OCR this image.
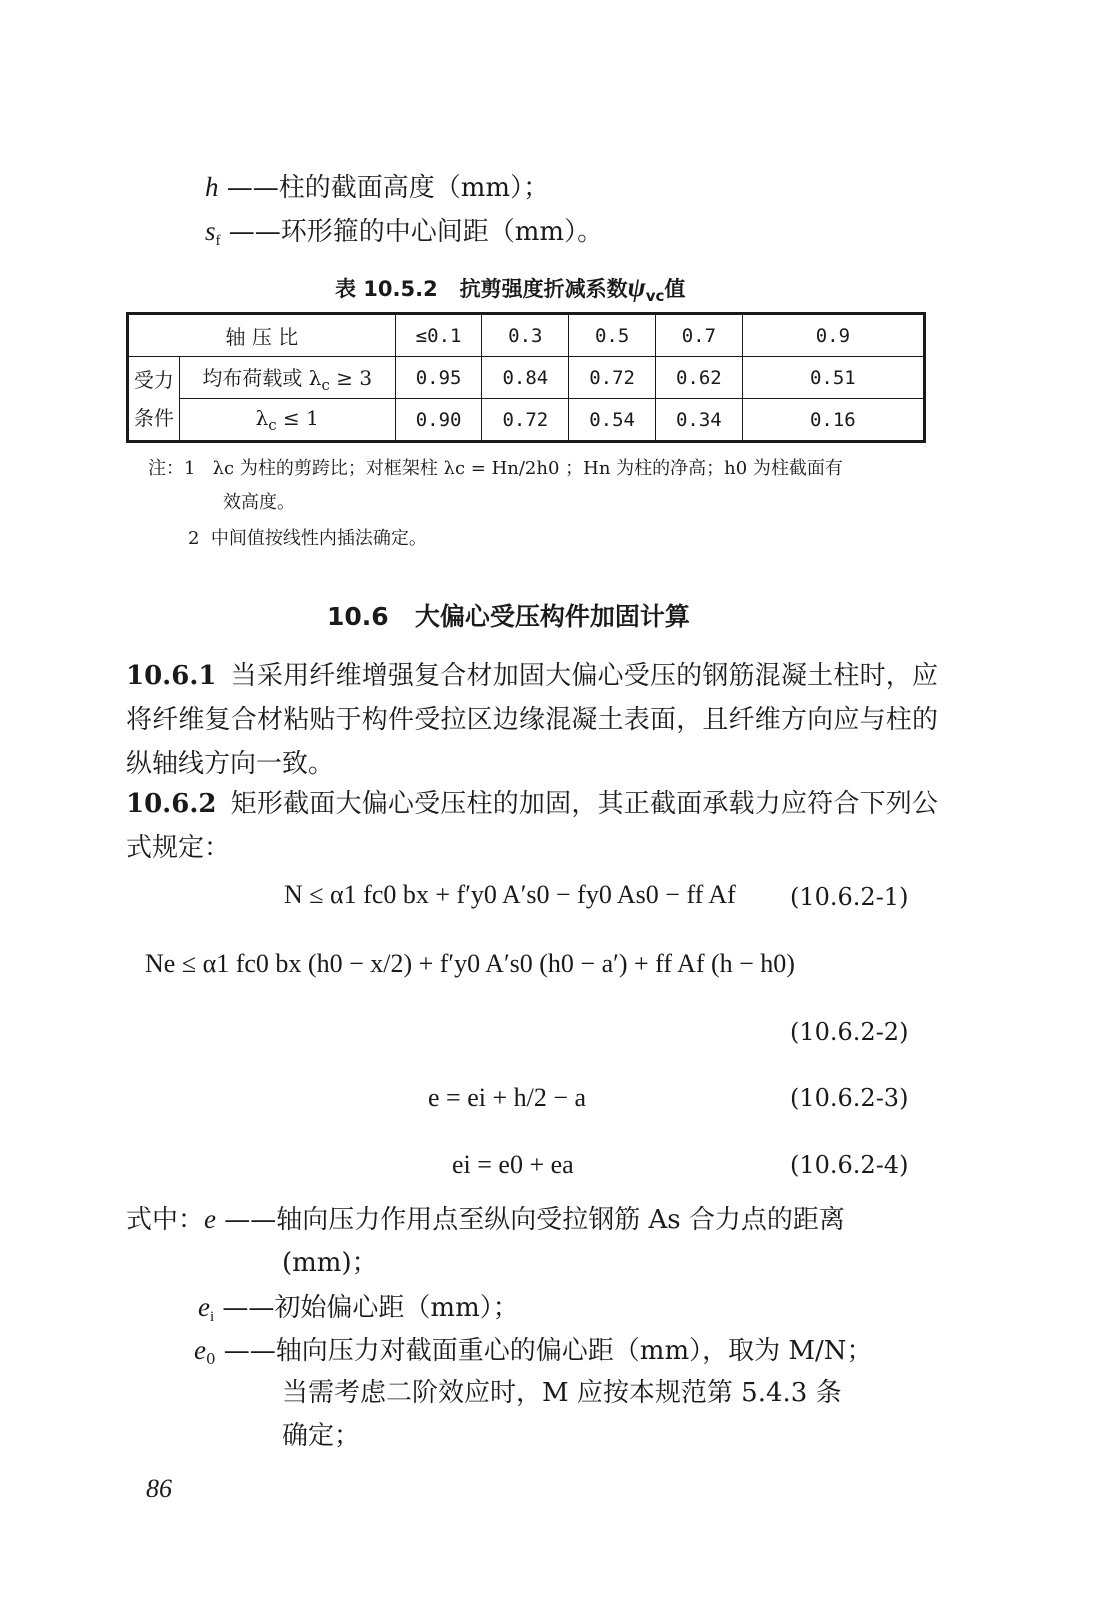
h ——柱的截面高度（mm）；
$s_f$ ——环形箍的中心间距（mm）。
表 10.5.2 抗剪强度折减系数$\psi_{vc}$值
轴 压 比		≤0.1	0.3	0.5	0.7	0.9
受力
条件	均布荷载或 $\lambda_c \ge 3$	0.95	0.84	0.72	0.62	0.51
	$\lambda_c \le 1$	0.90	0.72	0.54	0.34	0.16
注：1 λc 为柱的剪跨比；对框架柱 λc = Hn/2h0 ；Hn 为柱的净高；h0 为柱截面有
效高度。
2 中间值按线性内插法确定。
10.6 大偏心受压构件加固计算
10.6.1 当采用纤维增强复合材加固大偏心受压的钢筋混凝土柱时，应将纤维复合材粘贴于构件受拉区边缘混凝土表面，且纤维方向应与柱的纵轴线方向一致。
10.6.2 矩形截面大偏心受压柱的加固，其正截面承载力应符合下列公式规定：
N ≤ α1 fc0 bx + f′y0 A′s0 − fy0 As0 − ff Af (10.6.2-1)
Ne ≤ α1 fc0 bx (h0 − x/2) + f′y0 A′s0 (h0 − a′) + ff Af (h − h0)
(10.6.2-2)
e = ei + h/2 − a	(10.6.2-3)
ei = e0 + ea	(10.6.2-4)
式中：e ——轴向压力作用点至纵向受拉钢筋 As 合力点的距离
(mm)；
$e_i$ ——初始偏心距（mm）；
$e_0$ ——轴向压力对截面重心的偏心距（mm），取为 M/N；
当需考虑二阶效应时，M 应按本规范第 5.4.3 条
确定；
86
